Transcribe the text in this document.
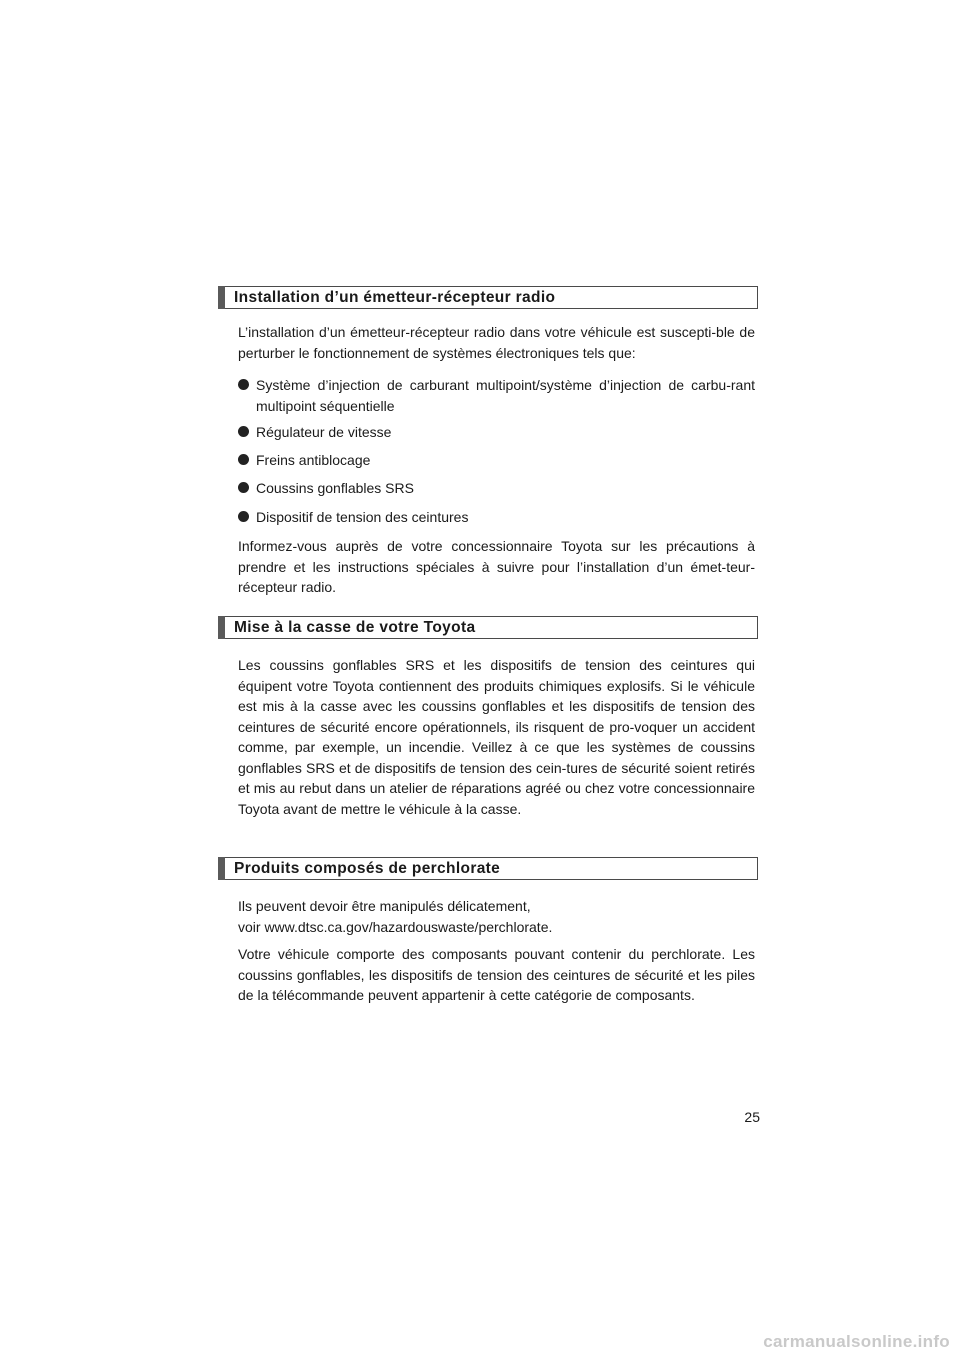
Installation d’un émetteur-récepteur radio

L’installation d’un émetteur-récepteur radio dans votre véhicule est suscepti-ble de perturber le fonctionnement de systèmes électroniques tels que:

Système d’injection de carburant multipoint/système d’injection de carbu-rant multipoint séquentielle
Régulateur de vitesse
Freins antiblocage
Coussins gonflables SRS
Dispositif de tension des ceintures

Informez-vous auprès de votre concessionnaire Toyota sur les précautions à prendre et les instructions spéciales à suivre pour l’installation d’un émet-teur-récepteur radio.

Mise à la casse de votre Toyota

Les coussins gonflables SRS et les dispositifs de tension des ceintures qui équipent votre Toyota contiennent des produits chimiques explosifs. Si le véhicule est mis à la casse avec les coussins gonflables et les dispositifs de tension des ceintures de sécurité encore opérationnels, ils risquent de pro-voquer un accident comme, par exemple, un incendie. Veillez à ce que les systèmes de coussins gonflables SRS et de dispositifs de tension des cein-tures de sécurité soient retirés et mis au rebut dans un atelier de réparations agréé ou chez votre concessionnaire Toyota avant de mettre le véhicule à la casse.

Produits composés de perchlorate
Ils peuvent devoir être manipulés délicatement,
voir www.dtsc.ca.gov/hazardouswaste/perchlorate.

Votre véhicule comporte des composants pouvant contenir du perchlorate. Les coussins gonflables, les dispositifs de tension des ceintures de sécurité et les piles de la télécommande peuvent appartenir à cette catégorie de composants.

25
carmanualsonline.info
